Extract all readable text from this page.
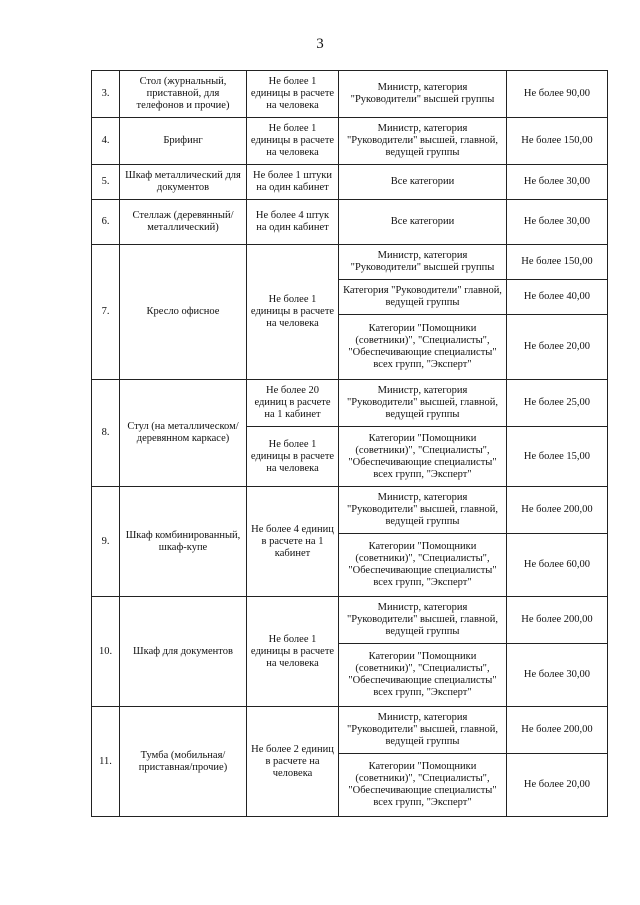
3
3.	Стол (журнальный, приставной, для телефонов и прочие)	Не более 1 единицы в расчете на человека	Министр, категория "Руководители" высшей группы	Не более 90,00
4.	Брифинг	Не более 1 единицы в расчете на человека	Министр, категория "Руководители" высшей, главной, ведущей группы	Не более 150,00
5.	Шкаф металлический для документов	Не более 1 штуки на один кабинет	Все категории	Не более 30,00
6.	Стеллаж (деревянный/металлический)	Не более 4 штук на один кабинет	Все категории	Не более 30,00
7.	Кресло офисное	Не более 1 единицы в расчете на человека	Министр, категория "Руководители" высшей группы	Не более 150,00
			Категория "Руководители" главной, ведущей группы	Не более 40,00
			Категории "Помощники (советники)", "Специалисты", "Обеспечивающие специалисты" всех групп, "Эксперт"	Не более 20,00
8.	Стул (на металлическом/деревянном каркасе)	Не более 20 единиц в расчете на 1 кабинет	Министр, категория "Руководители" высшей, главной, ведущей группы	Не более 25,00
		Не более 1 единицы в расчете на человека	Категории "Помощники (советники)", "Специалисты", "Обеспечивающие специалисты" всех групп, "Эксперт"	Не более 15,00
9.	Шкаф комбинированный, шкаф-купе	Не более 4 единиц в расчете на 1 кабинет	Министр, категория "Руководители" высшей, главной, ведущей группы	Не более 200,00
			Категории "Помощники (советники)", "Специалисты", "Обеспечивающие специалисты" всех групп, "Эксперт"	Не более 60,00
10.	Шкаф для документов	Не более 1 единицы в расчете на человека	Министр, категория "Руководители" высшей, главной, ведущей группы	Не более 200,00
			Категории "Помощники (советники)", "Специалисты", "Обеспечивающие специалисты" всех групп, "Эксперт"	Не более 30,00
11.	Тумба (мобильная/приставная/прочие)	Не более 2 единиц в расчете на человека	Министр, категория "Руководители" высшей, главной, ведущей группы	Не более 200,00
			Категории "Помощники (советники)", "Специалисты", "Обеспечивающие специалисты" всех групп, "Эксперт"	Не более 20,00
